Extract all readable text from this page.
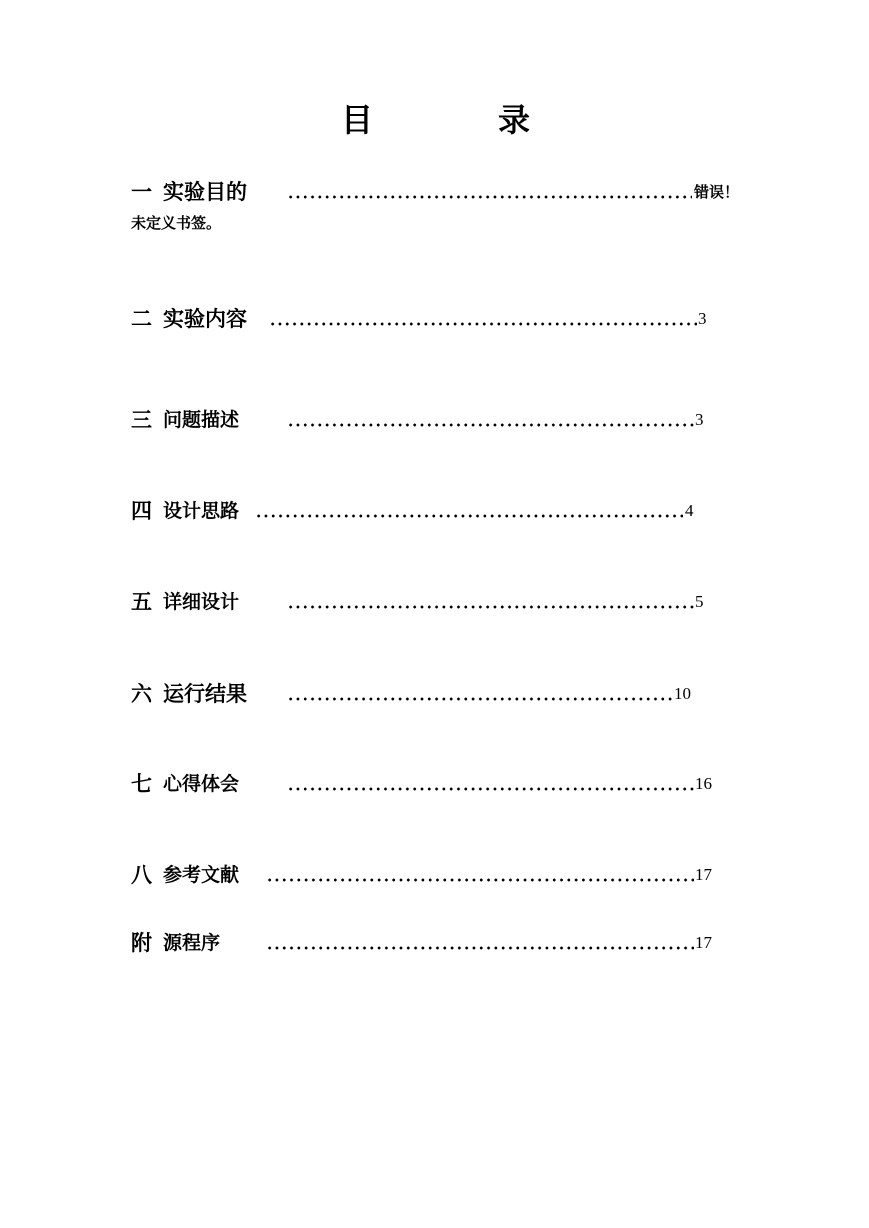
目	录
一 实验目的	错误！
未定义书签。
二 实验内容	3
三 问题描述	3
四 设计思路	4
五 详细设计	5
六 运行结果	10
七 心得体会	16
八 参考文献	17
附 源程序	17
